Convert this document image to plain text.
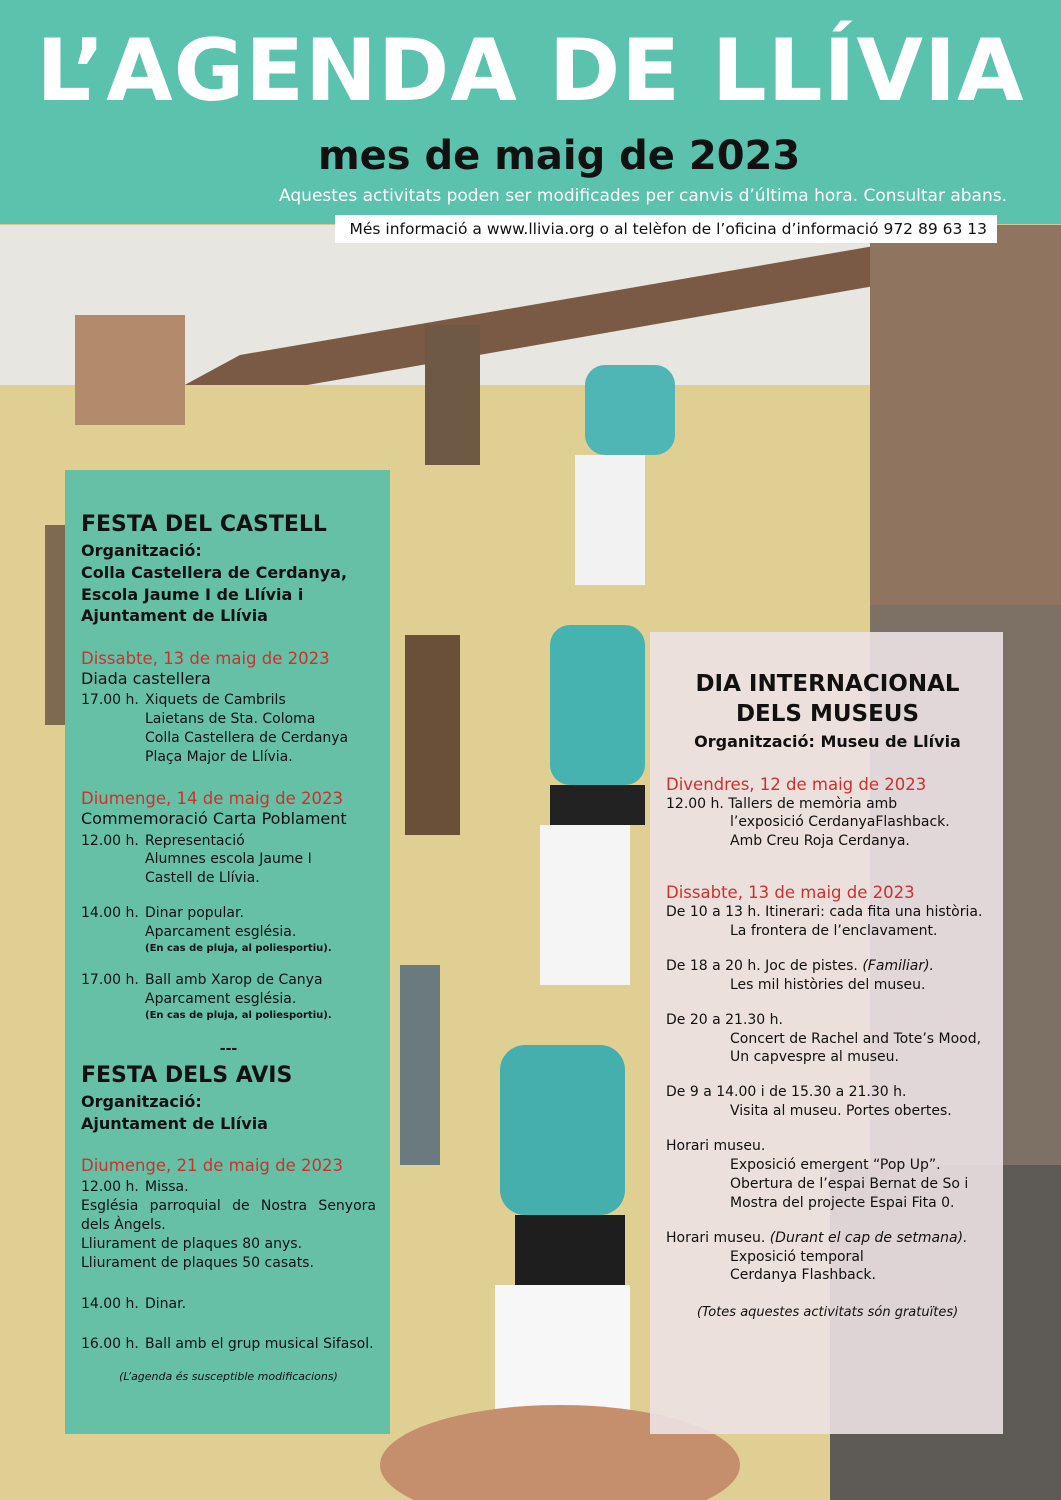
L’AGENDA DE LLÍVIA
mes de maig de 2023
Aquestes activitats poden ser modificades per canvis d’última hora. Consultar abans.
Més informació a www.llivia.org o al telèfon de l’oficina d’informació 972 89 63 13
FESTA DEL CASTELL
Organització:
Colla Castellera de Cerdanya,
Escola Jaume I de Llívia i
Ajuntament de Llívia
Dissabte, 13 de maig de 2023
Diada castellera
17.00 h. Xiquets de Cambrils
Laietans de Sta. Coloma
Colla Castellera de Cerdanya
Plaça Major de Llívia.
Diumenge, 14 de maig de 2023
Commemoració Carta Poblament
12.00 h. Representació
Alumnes escola Jaume I
Castell de Llívia.
14.00 h. Dinar popular.
Aparcament església.
(En cas de pluja, al poliesportiu).
17.00 h. Ball amb Xarop de Canya
Aparcament església.
(En cas de pluja, al poliesportiu).
---
FESTA DELS AVIS
Organització:
Ajuntament de Llívia
Diumenge, 21 de maig de 2023
12.00 h. Missa.
Església parroquial de Nostra Senyora
dels Àngels.
Lliurament de plaques 80 anys.
Lliurament de plaques 50 casats.
14.00 h. Dinar.
16.00 h. Ball amb el grup musical Sifasol.
(L’agenda és susceptible modificacions)
DIA INTERNACIONAL
DELS MUSEUS
Organització: Museu de Llívia
Divendres, 12 de maig de 2023
12.00 h. Tallers de memòria amb
l’exposició CerdanyaFlashback.
Amb Creu Roja Cerdanya.
Dissabte, 13 de maig de 2023
De 10 a 13 h. Itinerari: cada fita una història.
La frontera de l’enclavament.
De 18 a 20 h. Joc de pistes. (Familiar).
Les mil històries del museu.
De 20 a 21.30 h.
Concert de Rachel and Tote’s Mood,
Un capvespre al museu.
De 9 a 14.00 i de 15.30 a 21.30 h.
Visita al museu. Portes obertes.
Horari museu.
Exposició emergent “Pop Up”.
Obertura de l’espai Bernat de So i
Mostra del projecte Espai Fita 0.
Horari museu. (Durant el cap de setmana).
Exposició temporal
Cerdanya Flashback.
(Totes aquestes activitats són gratuïtes)
